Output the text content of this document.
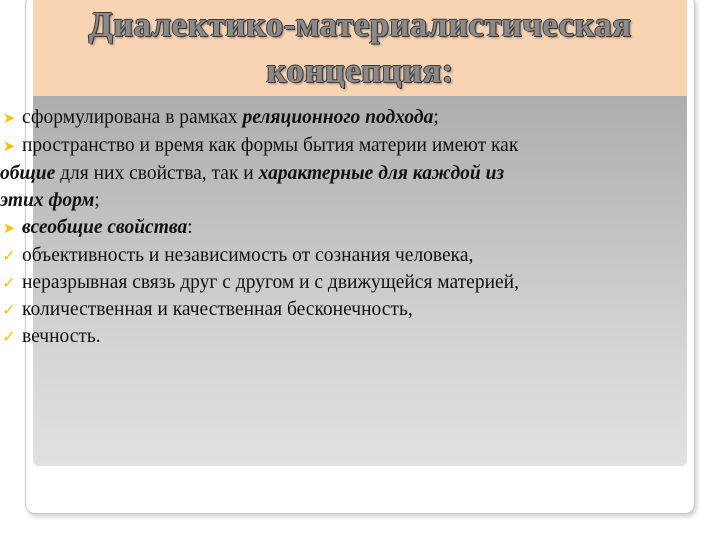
Диалектико-материалистическая
концепция:
➤ сформулирована в рамках реляционного подхода;
➤ пространство и время как формы бытия материи имеют как
общие для них свойства, так и характерные для каждой из
этих форм;
➤ всеобщие свойства:
✓ объективность и независимость от сознания человека,
✓ неразрывная связь друг с другом и с движущейся материей,
✓ количественная и качественная бесконечность,
✓ вечность.
